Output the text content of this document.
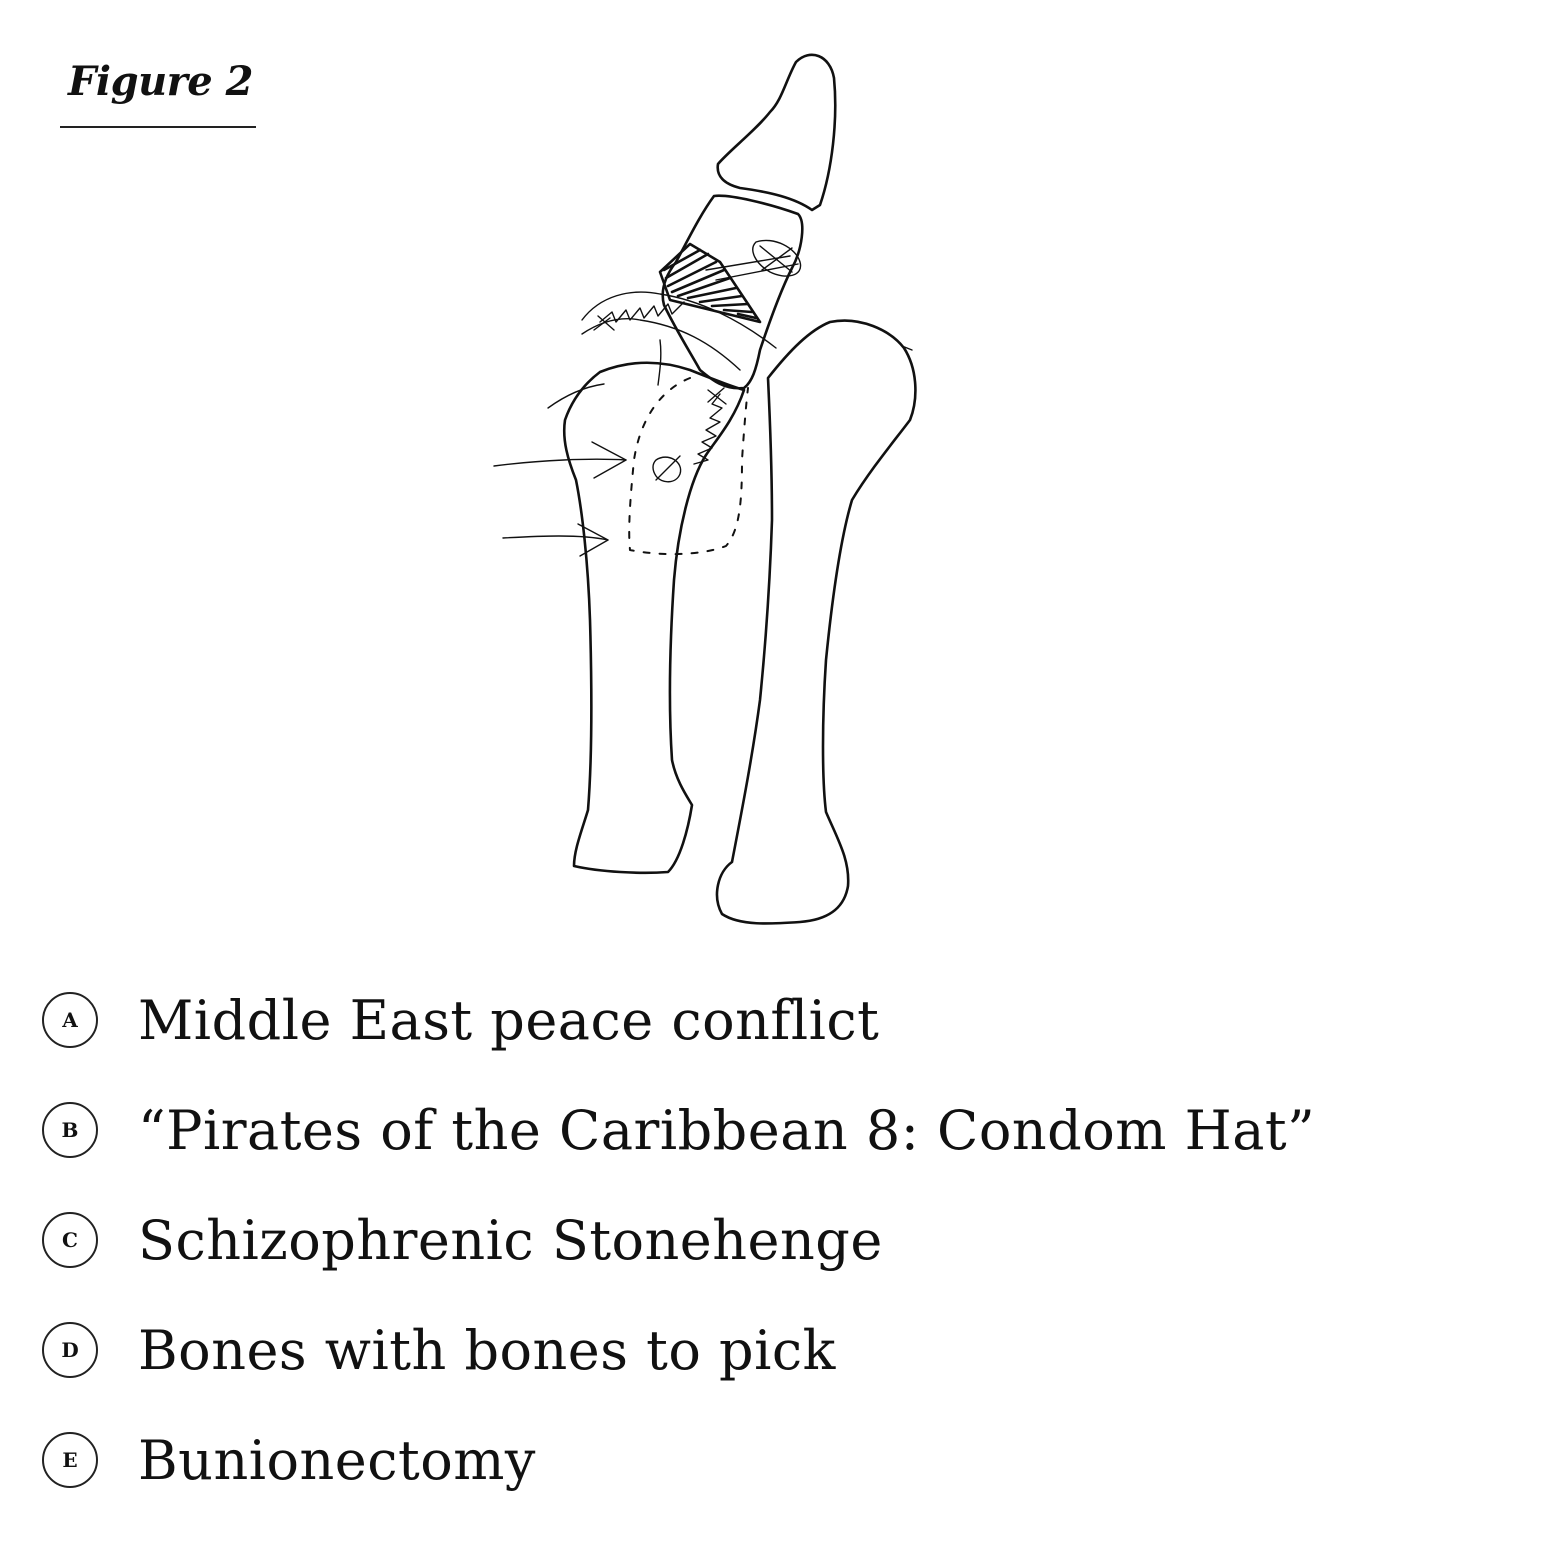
Figure 2
A	Middle East peace conflict
B	“Pirates of the Caribbean 8: Condom Hat”
C	Schizophrenic Stonehenge
D	Bones with bones to pick
E	Bunionectomy
